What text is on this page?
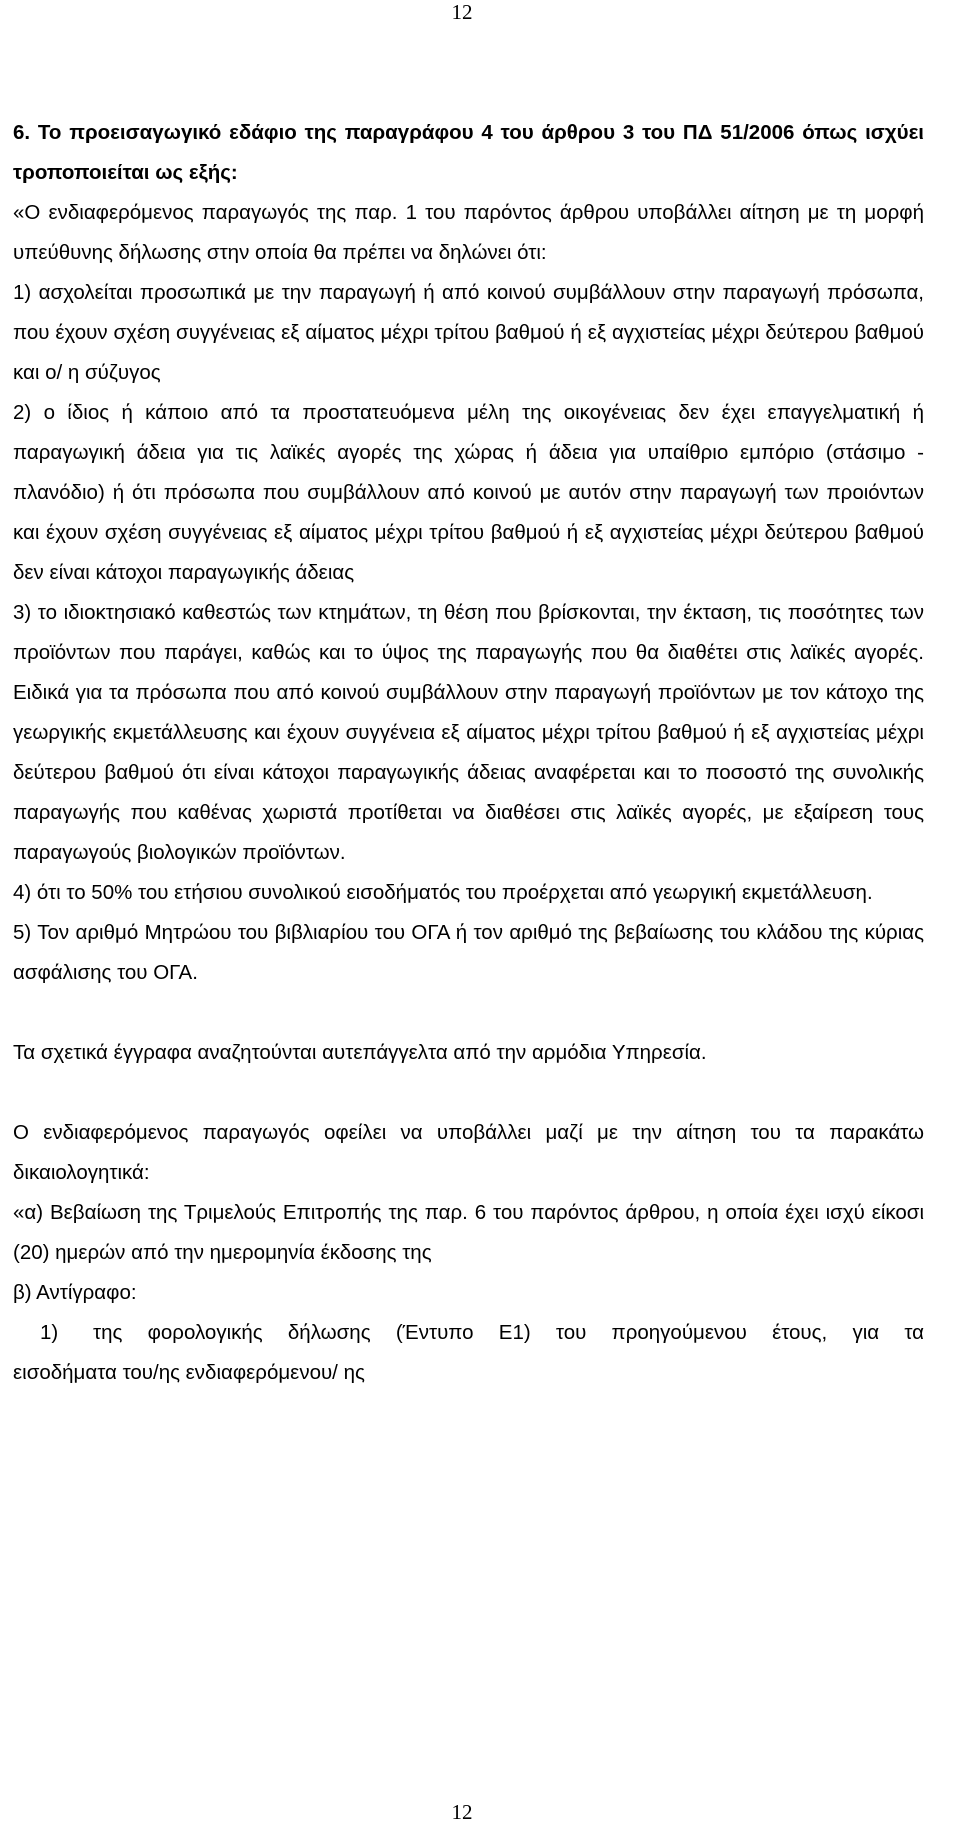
12

6. Το προεισαγωγικό εδάφιο της παραγράφου 4 του άρθρου 3 του ΠΔ 51/2006 όπως ισχύει τροποποιείται ως εξής:

«Ο ενδιαφερόμενος παραγωγός της παρ. 1 του παρόντος άρθρου υποβάλλει αίτηση με τη μορφή υπεύθυνης δήλωσης στην οποία θα πρέπει να δηλώνει ότι:

1) ασχολείται προσωπικά με την παραγωγή ή από κοινού συμβάλλουν στην παραγωγή πρόσωπα, που έχουν σχέση συγγένειας εξ αίματος μέχρι τρίτου βαθμού ή εξ αγχιστείας μέχρι δεύτερου βαθμού και ο/ η σύζυγος

2) ο ίδιος ή κάποιο από τα προστατευόμενα μέλη της οικογένειας δεν έχει επαγγελματική ή παραγωγική άδεια για τις λαϊκές αγορές της χώρας ή άδεια για υπαίθριο εμπόριο (στάσιμο - πλανόδιο) ή ότι πρόσωπα που συμβάλλουν από κοινού με αυτόν στην παραγωγή των προιόντων και έχουν σχέση συγγένειας εξ αίματος μέχρι τρίτου βαθμού ή εξ αγχιστείας μέχρι δεύτερου βαθμού δεν είναι κάτοχοι παραγωγικής άδειας

3) το ιδιοκτησιακό καθεστώς των κτημάτων, τη θέση που βρίσκονται, την έκταση, τις ποσότητες των προϊόντων που παράγει, καθώς και το ύψος της παραγωγής που θα διαθέτει στις λαϊκές αγορές. Ειδικά για τα πρόσωπα που από κοινού συμβάλλουν στην παραγωγή προϊόντων με τον κάτοχο της γεωργικής εκμετάλλευσης και έχουν συγγένεια εξ αίματος μέχρι τρίτου βαθμού ή εξ αγχιστείας μέχρι δεύτερου βαθμού ότι είναι κάτοχοι παραγωγικής άδειας αναφέρεται και το ποσοστό της συνολικής παραγωγής που καθένας χωριστά προτίθεται να διαθέσει στις λαϊκές αγορές, με εξαίρεση τους παραγωγούς βιολογικών προϊόντων.

4) ότι το 50% του ετήσιου συνολικού εισοδήματός του προέρχεται από γεωργική εκμετάλλευση.

5) Τον αριθμό Μητρώου του βιβλιαρίου του ΟΓΑ ή τον αριθμό της βεβαίωσης του κλάδου της κύριας ασφάλισης του ΟΓΑ.

Τα σχετικά έγγραφα αναζητούνται αυτεπάγγελτα από την αρμόδια Υπηρεσία.

Ο ενδιαφερόμενος παραγωγός οφείλει να υποβάλλει μαζί με την αίτηση του τα παρακάτω δικαιολογητικά:

«α) Βεβαίωση της Τριμελούς Επιτροπής της παρ. 6 του παρόντος άρθρου, η οποία έχει ισχύ είκοσι (20) ημερών από την ημερομηνία έκδοσης της

β) Αντίγραφο:

1)	της φορολογικής δήλωσης (Έντυπο Ε1) του προηγούμενου έτους, για τα

εισοδήματα του/ης ενδιαφερόμενου/ ης

12
